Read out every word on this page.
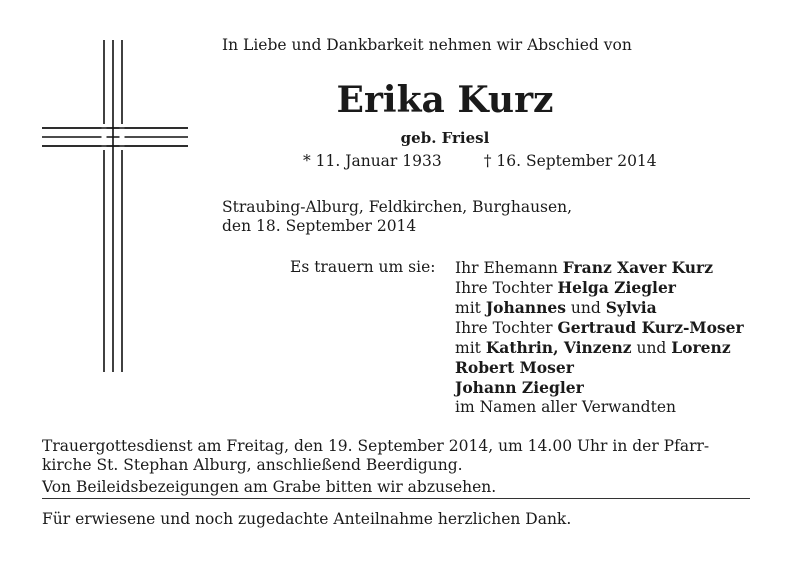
In Liebe und Dankbarkeit nehmen wir Abschied von
Erika Kurz
geb. Friesl
* 11. Januar 1933	† 16. September 2014
Straubing-Alburg, Feldkirchen, Burghausen,
den 18. September 2014
Es trauern um sie: Ihr Ehemann Franz Xaver Kurz
Ihre Tochter Helga Ziegler
mit Johannes und Sylvia
Ihre Tochter Gertraud Kurz-Moser
mit Kathrin, Vinzenz und Lorenz
Robert Moser
Johann Ziegler
im Namen aller Verwandten
Trauergottesdienst am Freitag, den 19. September 2014, um 14.00 Uhr in der Pfarr-
kirche St. Stephan Alburg, anschließend Beerdigung.
Von Beileidsbezeigungen am Grabe bitten wir abzusehen.
Für erwiesene und noch zugedachte Anteilnahme herzlichen Dank.
